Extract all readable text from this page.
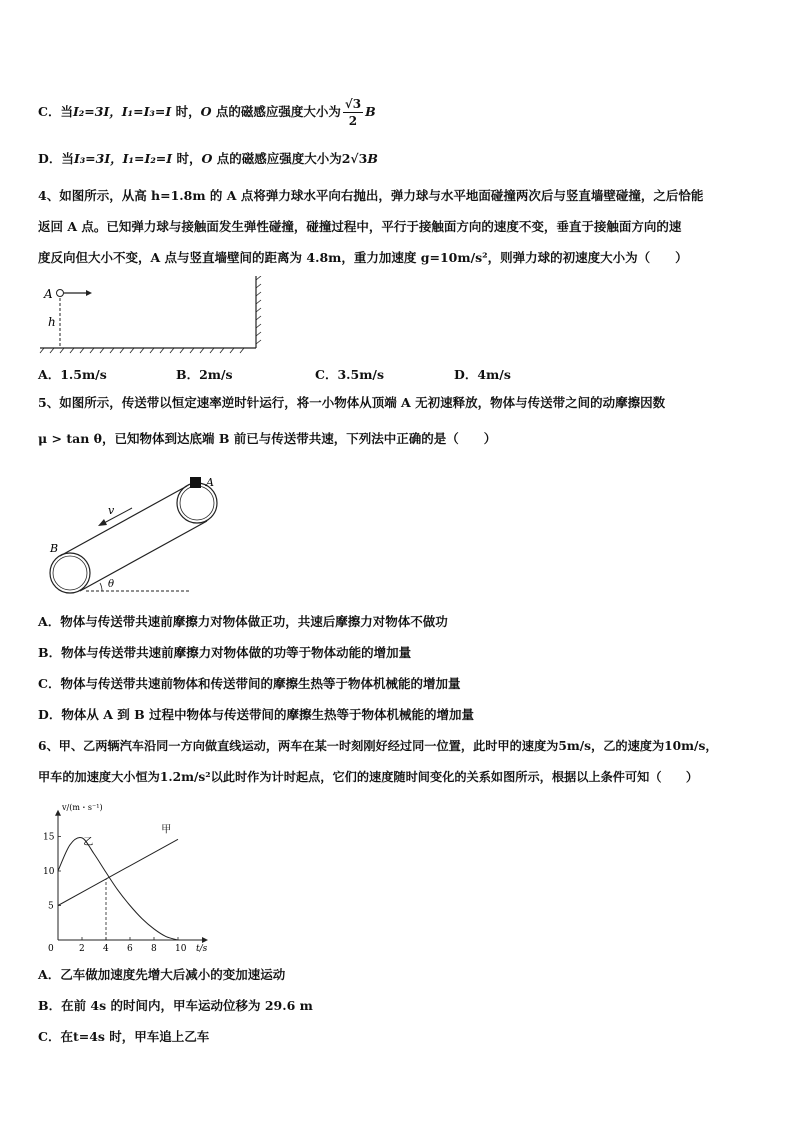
C．当I₂=3I，I₁=I₃=I 时，O 点的磁感应强度大小为 $\frac{√3}{2}$ B
D．当I₃=3I，I₁=I₂=I 时，O 点的磁感应强度大小为2√3B
4、如图所示，从高 h=1.8m 的 A 点将弹力球水平向右抛出，弹力球与水平地面碰撞两次后与竖直墙壁碰撞，之后恰能
返回 A 点。已知弹力球与接触面发生弹性碰撞，碰撞过程中，平行于接触面方向的速度不变，垂直于接触面方向的速
度反向但大小不变，A 点与竖直墙壁间的距离为 4.8m，重力加速度 g=10m/s²，则弹力球的初速度大小为（　　）
A
h
A．1.5m/s	B．2m/s	C．3.5m/s	D．4m/s
5、如图所示，传送带以恒定速率逆时针运行，将一小物体从顶端 A 无初速释放，物体与传送带之间的动摩擦因数
μ > tan θ，已知物体到达底端 B 前已与传送带共速，下列法中正确的是（　　）
A
B
v
θ
A．物体与传送带共速前摩擦力对物体做正功，共速后摩擦力对物体不做功
B．物体与传送带共速前摩擦力对物体做的功等于物体动能的增加量
C．物体与传送带共速前物体和传送带间的摩擦生热等于物体机械能的增加量
D．物体从 A 到 B 过程中物体与传送带间的摩擦生热等于物体机械能的增加量
6、甲、乙两辆汽车沿同一方向做直线运动，两车在某一时刻刚好经过同一位置，此时甲的速度为5m/s，乙的速度为10m/s，
甲车的加速度大小恒为1.2m/s²以此时作为计时起点，它们的速度随时间变化的关系如图所示，根据以上条件可知（　　）
0	2 4 6 8 10
5
10
15
v/(m・s⁻¹)
t/s
甲
乙
A．乙车做加速度先增大后减小的变加速运动
B．在前 4s 的时间内，甲车运动位移为 29.6 m
C．在t=4s 时，甲车追上乙车
